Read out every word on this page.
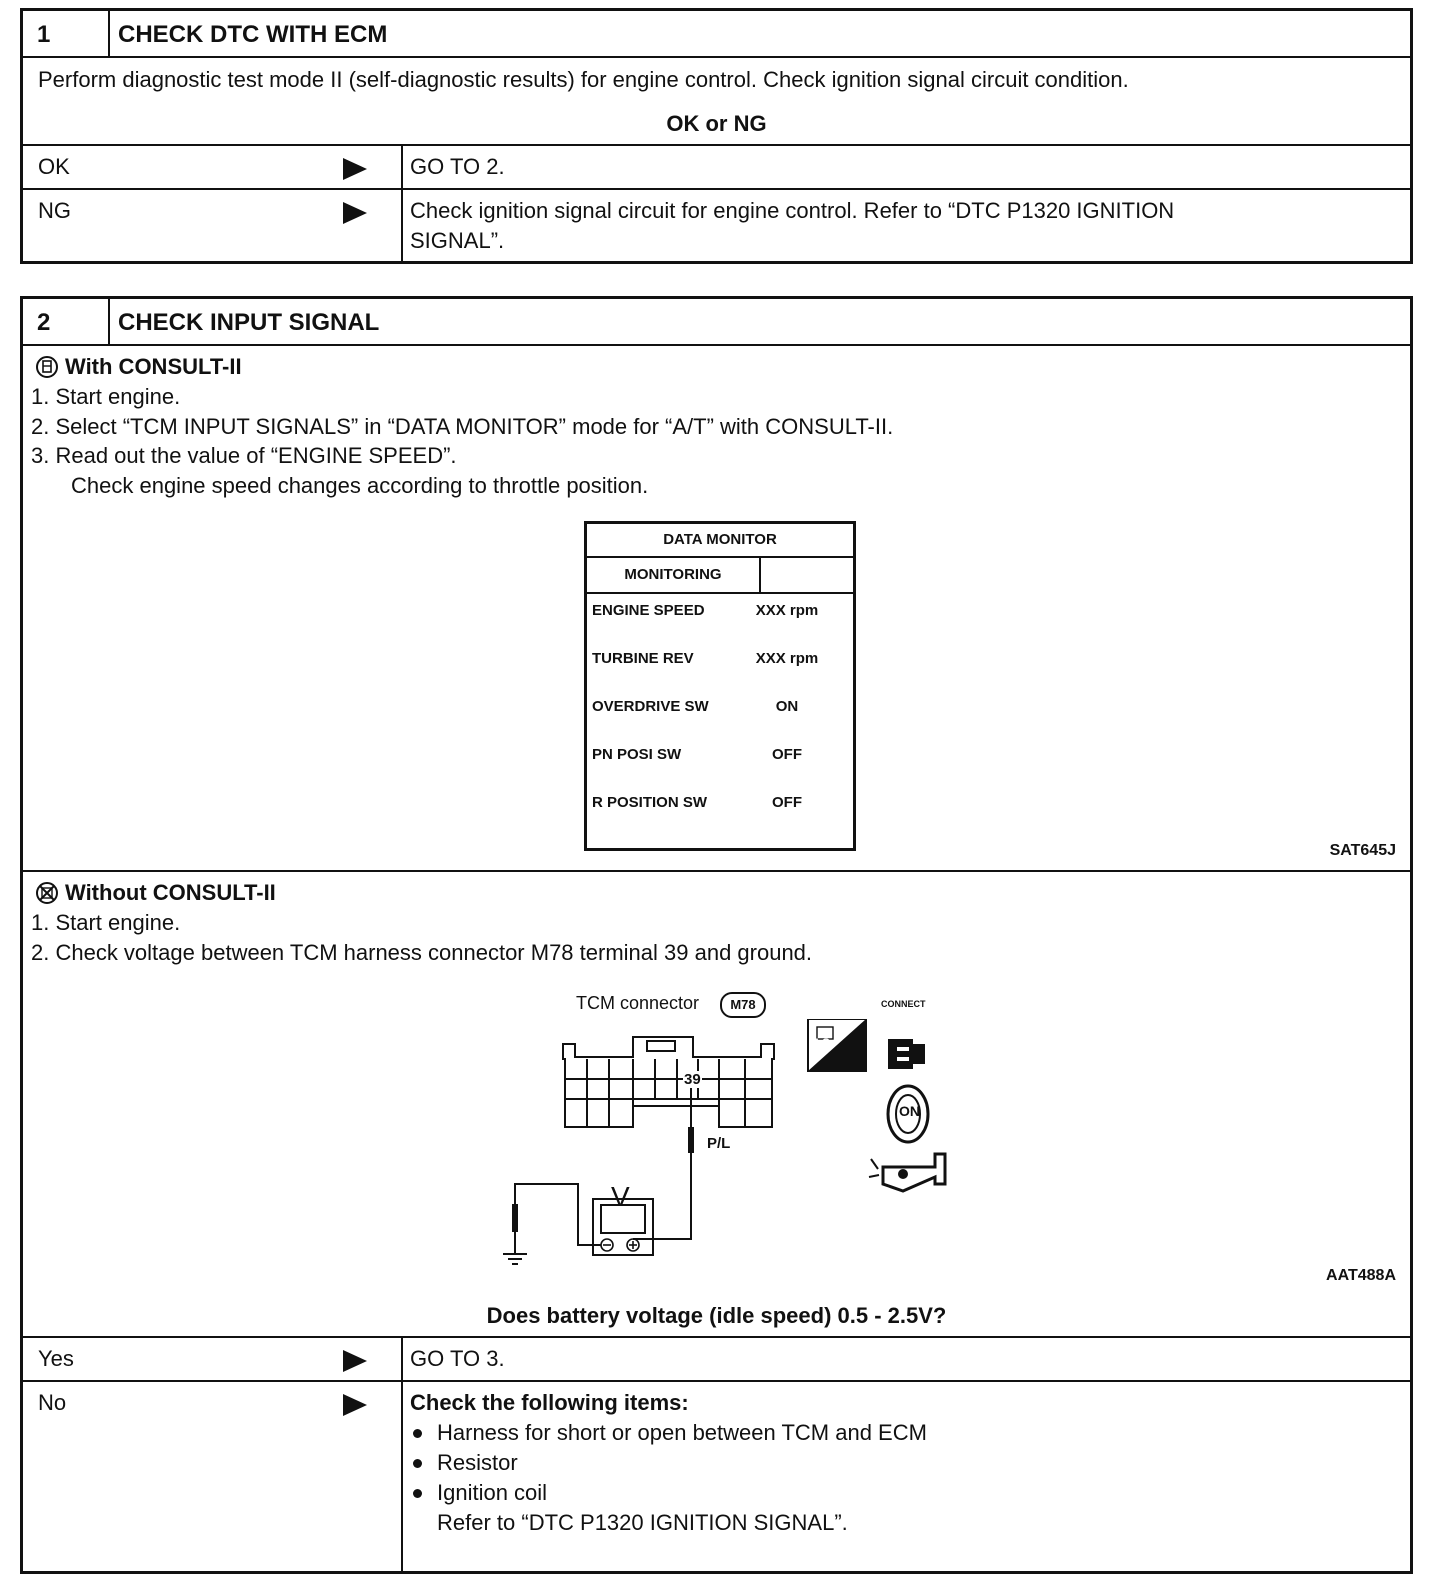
1	CHECK DTC WITH ECM
Perform diagnostic test mode II (self-diagnostic results) for engine control. Check ignition signal circuit condition.
OK or NG
OK	GO TO 2.
NG	Check ignition signal circuit for engine control. Refer to “DTC P1320 IGNITION
SIGNAL”.
2	CHECK INPUT SIGNAL
With CONSULT-II
1. Start engine.
2. Select “TCM INPUT SIGNALS” in “DATA MONITOR” mode for “A/T” with CONSULT-II.
3. Read out the value of “ENGINE SPEED”.
Check engine speed changes according to throttle position.
DATA MONITOR
MONITORING
ENGINE SPEED	XXX rpm
TURBINE REV	XXX rpm
OVERDRIVE SW	ON
PN POSI SW	OFF
R POSITION SW	OFF
SAT645J
Without CONSULT-II
1. Start engine.
2. Check voltage between TCM harness connector M78 terminal 39 and ground.
TCM connector	M78
39
P/L
V
H.S.
CONNECT
ON
AAT488A
Does battery voltage (idle speed) 0.5 - 2.5V?
Yes	GO TO 3.
No	Check the following items:
Harness for short or open between TCM and ECM
Resistor
Ignition coil
Refer to “DTC P1320 IGNITION SIGNAL”.
